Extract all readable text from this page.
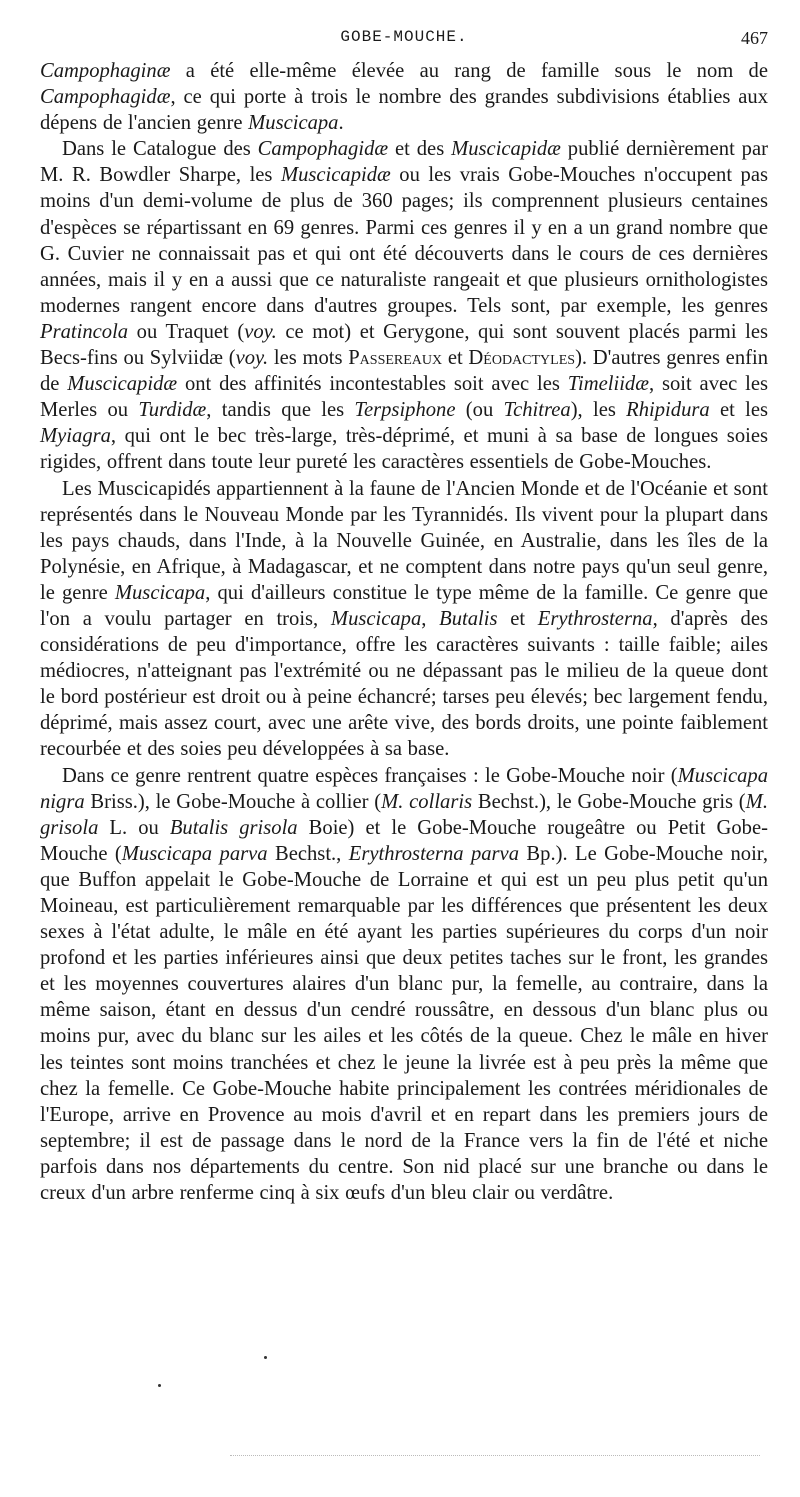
GOBE-MOUCHE.	467

Campophaginæ a été elle-même élevée au rang de famille sous le nom de Campophagidæ, ce qui porte à trois le nombre des grandes subdivisions établies aux dépens de l'ancien genre Muscicapa.

Dans le Catalogue des Campophagidæ et des Muscicapidæ publié dernièrement par M. R. Bowdler Sharpe, les Muscicapidæ ou les vrais Gobe-Mouches n'occupent pas moins d'un demi-volume de plus de 360 pages; ils comprennent plusieurs centaines d'espèces se répartissant en 69 genres. Parmi ces genres il y en a un grand nombre que G. Cuvier ne connaissait pas et qui ont été découverts dans le cours de ces dernières années, mais il y en a aussi que ce naturaliste rangeait et que plusieurs ornithologistes modernes rangent encore dans d'autres groupes. Tels sont, par exemple, les genres Pratincola ou Traquet (voy. ce mot) et Gerygone, qui sont souvent placés parmi les Becs-fins ou Sylviidæ (voy. les mots Passereaux et Déodactyles). D'autres genres enfin de Muscicapidæ ont des affinités incontestables soit avec les Timeliidæ, soit avec les Merles ou Turdidæ, tandis que les Terpsiphone (ou Tchitrea), les Rhipidura et les Myiagra, qui ont le bec très-large, très-déprimé, et muni à sa base de longues soies rigides, offrent dans toute leur pureté les caractères essentiels de Gobe-Mouches.

Les Muscicapidés appartiennent à la faune de l'Ancien Monde et de l'Océanie et sont représentés dans le Nouveau Monde par les Tyrannidés. Ils vivent pour la plupart dans les pays chauds, dans l'Inde, à la Nouvelle Guinée, en Australie, dans les îles de la Polynésie, en Afrique, à Madagascar, et ne comptent dans notre pays qu'un seul genre, le genre Muscicapa, qui d'ailleurs constitue le type même de la famille. Ce genre que l'on a voulu partager en trois, Muscicapa, Butalis et Erythrosterna, d'après des considérations de peu d'importance, offre les caractères suivants : taille faible; ailes médiocres, n'atteignant pas l'extrémité ou ne dépassant pas le milieu de la queue dont le bord postérieur est droit ou à peine échancré; tarses peu élevés; bec largement fendu, déprimé, mais assez court, avec une arête vive, des bords droits, une pointe faiblement recourbée et des soies peu développées à sa base.

Dans ce genre rentrent quatre espèces françaises : le Gobe-Mouche noir (Muscicapa nigra Briss.), le Gobe-Mouche à collier (M. collaris Bechst.), le Gobe-Mouche gris (M. grisola L. ou Butalis grisola Boie) et le Gobe-Mouche rougeâtre ou Petit Gobe-Mouche (Muscicapa parva Bechst., Erythrosterna parva Bp.). Le Gobe-Mouche noir, que Buffon appelait le Gobe-Mouche de Lorraine et qui est un peu plus petit qu'un Moineau, est particulièrement remarquable par les différences que présentent les deux sexes à l'état adulte, le mâle en été ayant les parties supérieures du corps d'un noir profond et les parties inférieures ainsi que deux petites taches sur le front, les grandes et les moyennes couvertures alaires d'un blanc pur, la femelle, au contraire, dans la même saison, étant en dessus d'un cendré roussâtre, en dessous d'un blanc plus ou moins pur, avec du blanc sur les ailes et les côtés de la queue. Chez le mâle en hiver les teintes sont moins tranchées et chez le jeune la livrée est à peu près la même que chez la femelle. Ce Gobe-Mouche habite principalement les contrées méridionales de l'Europe, arrive en Provence au mois d'avril et en repart dans les premiers jours de septembre; il est de passage dans le nord de la France vers la fin de l'été et niche parfois dans nos départements du centre. Son nid placé sur une branche ou dans le creux d'un arbre renferme cinq à six œufs d'un bleu clair ou verdâtre.
